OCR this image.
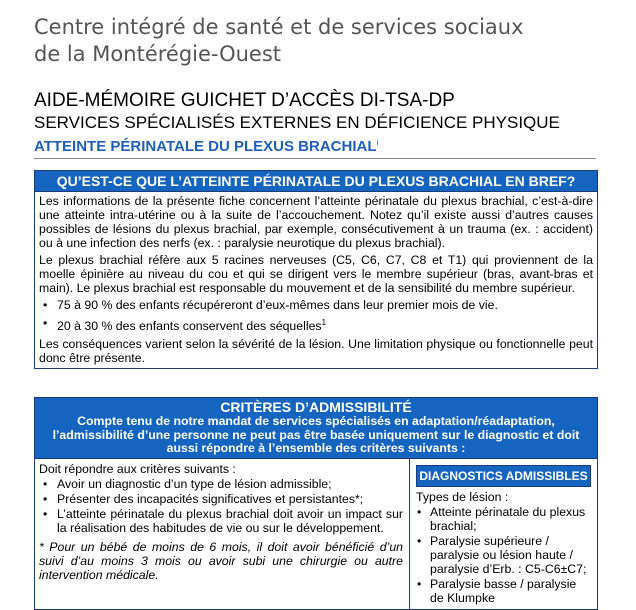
Centre intégré de santé et de services sociaux
de la Montérégie-Ouest
AIDE-MÉMOIRE GUICHET D’ACCÈS DI-TSA-DP
SERVICES SPÉCIALISÉS EXTERNES EN DÉFICIENCE PHYSIQUE
ATTEINTE PÉRINATALE DU PLEXUS BRACHIAL$^i$
QU’EST-CE QUE L’ATTEINTE PÉRINATALE DU PLEXUS BRACHIAL EN BREF?

Les informations de la présente fiche concernent l’atteinte périnatale du plexus brachial, c’est-à-dire une atteinte intra-utérine ou à la suite de l’accouchement. Notez qu’il existe aussi d’autres causes possibles de lésions du plexus brachial, par exemple, consécutivement à un trauma (ex. : accident) ou à une infection des nerfs (ex. : paralysie neurotique du plexus brachial).

Le plexus brachial réfère aux 5 racines nerveuses (C5, C6, C7, C8 et T1) qui proviennent de la moelle épinière au niveau du cou et qui se dirigent vers le membre supérieur (bras, avant-bras et main). Le plexus brachial est responsable du mouvement et de la sensibilité du membre supérieur.

• 75 à 90 % des enfants récupéreront d’eux-mêmes dans leur premier mois de vie.
• 20 à 30 % des enfants conservent des séquelles$^1$

Les conséquences varient selon la sévérité de la lésion. Une limitation physique ou fonctionnelle peut donc être présente.

CRITÈRES D’ADMISSIBILITÉ
Compte tenu de notre mandat de services spécialisés en adaptation/réadaptation, l’admissibilité d’une personne ne peut pas être basée uniquement sur le diagnostic et doit aussi répondre à l’ensemble des critères suivants :
Doit répondre aux critères suivants :
• Avoir un diagnostic d’un type de lésion admissible;
• Présenter des incapacités significatives et persistantes*;
• L’atteinte périnatale du plexus brachial doit avoir un impact sur la réalisation des habitudes de vie ou sur le développement.
* Pour un bébé de moins de 6 mois, il doit avoir bénéficié d’un suivi d’au moins 3 mois ou avoir subi une chirurgie ou autre intervention médicale.
DIAGNOSTICS ADMISSIBLES
Types de lésion :
• Atteinte périnatale du plexus brachial;
• Paralysie supérieure / paralysie ou lésion haute / paralysie d’Erb. : C5-C6±C7;
• Paralysie basse / paralysie de Klumpke
